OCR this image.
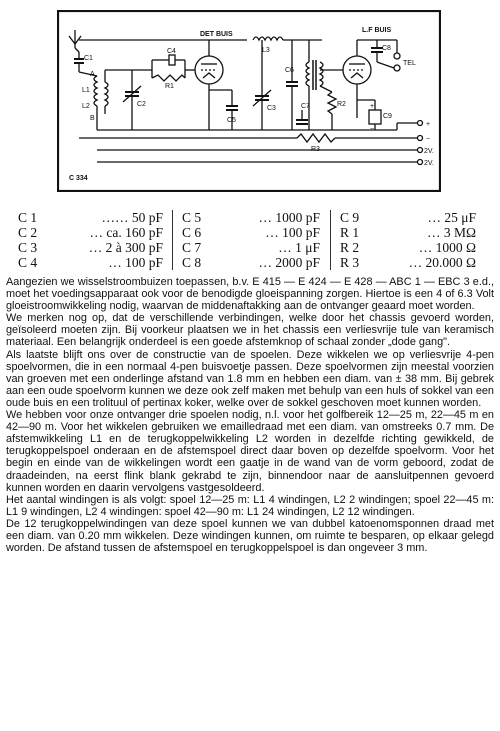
C1
A
L1
L2
B
C2
C4
R1
DET BUIS
L3
C5
C3
C6
C7	R2
L.F BUIS
C8
TEL
C9
R3
+
−
2V.
2V.
+
−
C 334
C 1	…… 50 pF
C 2	… ca. 160 pF
C 3	… 2 à 300 pF
C 4	… 100 pF
C 5	… 1000 pF
C 6	… 100 pF
C 7	… 1 μF
C 8	… 2000 pF
C 9	… 25 μF
R 1	… 3 MΩ
R 2	… 1000 Ω
R 3	… 20.000 Ω

Aangezien we wisselstroombuizen toepassen, b.v. E 415 — E 424 — E 428 — ABC 1 — EBC 3 e.d., moet het voedingsapparaat ook voor de benodigde gloeispanning zorgen. Hiertoe is een 4 of 6.3 Volt gloeistroomwikkeling nodig, waarvan de middenaftakking aan de ontvanger geaard moet worden.

We merken nog op, dat de verschillende verbindingen, welke door het chassis gevoerd worden, geïsoleerd moeten zijn. Bij voorkeur plaatsen we in het chassis een verliesvrije tule van keramisch materiaal. Een belangrijk onderdeel is een goede afstemknop of schaal zonder „dode gang".

Als laatste blijft ons over de constructie van de spoelen. Deze wikkelen we op verliesvrije 4-pen spoelvormen, die in een normaal 4-pen buisvoetje passen. Deze spoelvormen zijn meestal voorzien van groeven met een onderlinge afstand van 1.8 mm en hebben een diam. van ± 38 mm. Bij gebrek aan een oude spoelvorm kunnen we deze ook zelf maken met behulp van een huls of sokkel van een oude buis en een trolituul of pertinax koker, welke over de sokkel geschoven moet kunnen worden.

We hebben voor onze ontvanger drie spoelen nodig, n.l. voor het golfbereik 12—25 m, 22—45 m en 42—90 m. Voor het wikkelen gebruiken we emailledraad met een diam. van omstreeks 0.7 mm. De afstemwikkeling L1 en de terugkoppelwikkeling L2 worden in dezelfde richting gewikkeld, de terugkoppelspoel onderaan en de afstemspoel direct daar boven op dezelfde spoelvorm. Voor het begin en einde van de wikkelingen wordt een gaatje in de wand van de vorm geboord, zodat de draadeinden, na eerst flink blank gekrabd te zijn, binnendoor naar de aansluitpennen gevoerd kunnen worden en daarin vervolgens vastgesoldeerd.

Het aantal windingen is als volgt: spoel 12—25 m: L1 4 windingen, L2 2 windingen; spoel 22—45 m: L1 9 windingen, L2 4 windingen: spoel 42—90 m: L1 24 windingen, L2 12 windingen.

De 12 terugkoppelwindingen van deze spoel kunnen we van dubbel katoenomsponnen draad met een diam. van 0.20 mm wikkelen. Deze windingen kunnen, om ruimte te besparen, op elkaar gelegd worden. De afstand tussen de afstemspoel en terugkoppelspoel is dan ongeveer 3 mm.
